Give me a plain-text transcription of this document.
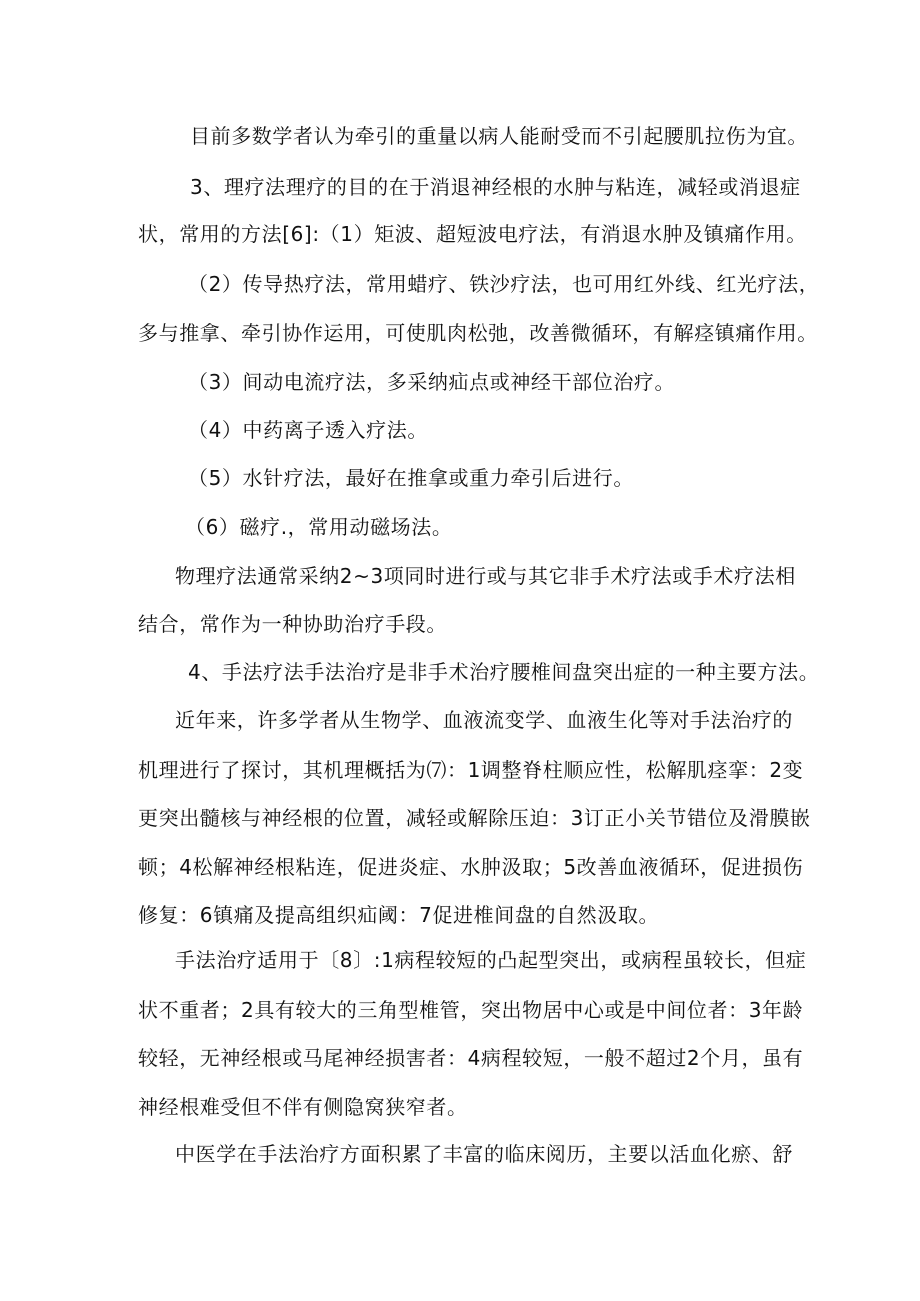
目前多数学者认为牵引的重量以病人能耐受而不引起腰肌拉伤为宜。
3、理疗法理疗的目的在于消退神经根的水肿与粘连，减轻或消退症
状，常用的方法[6]:（1）矩波、超短波电疗法，有消退水肿及镇痛作用。
（2）传导热疗法，常用蜡疗、铁沙疗法，也可用红外线、红光疗法，
多与推拿、牵引协作运用，可使肌肉松弛，改善微循环，有解痉镇痛作用。
（3）间动电流疗法，多采纳疝点或神经干部位治疗。
（4）中药离子透入疗法。
（5）水针疗法，最好在推拿或重力牵引后进行。
（6）磁疗.，常用动磁场法。
物理疗法通常采纳2~3项同时进行或与其它非手术疗法或手术疗法相
结合，常作为一种协助治疗手段。
4、手法疗法手法治疗是非手术治疗腰椎间盘突出症的一种主要方法。
近年来，许多学者从生物学、血液流变学、血液生化等对手法治疗的
机理进行了探讨，其机理概括为⑺：1调整脊柱顺应性，松解肌痉挛：2变
更突出髓核与神经根的位置，减轻或解除压迫：3订正小关节错位及滑膜嵌
顿；4松解神经根粘连，促进炎症、水肿汲取；5改善血液循环，促进损伤
修复：6镇痛及提高组织疝阈：7促进椎间盘的自然汲取。
手法治疗适用于〔8〕:1病程较短的凸起型突出，或病程虽较长，但症
状不重者；2具有较大的三角型椎管，突出物居中心或是中间位者：3年龄
较轻，无神经根或马尾神经损害者：4病程较短，一般不超过2个月，虽有
神经根难受但不伴有侧隐窝狭窄者。
中医学在手法治疗方面积累了丰富的临床阅历，主要以活血化瘀、舒
